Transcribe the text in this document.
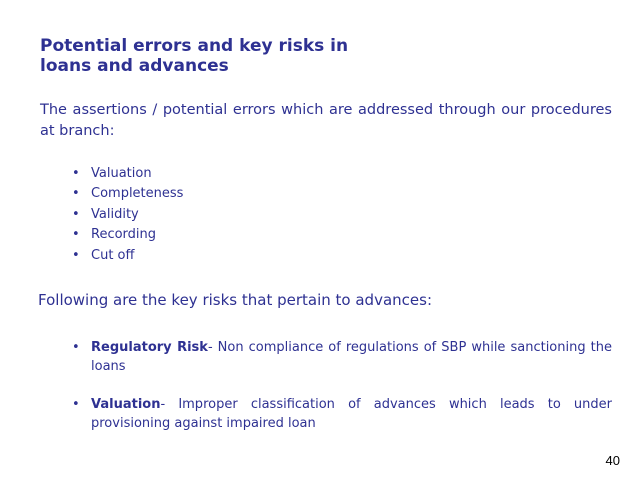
Potential errors and key risks in
loans and advances
The assertions / potential errors which are addressed through our procedures at branch:
• Valuation
• Completeness
• Validity
• Recording
• Cut off
Following are the key risks that pertain to advances:
• Regulatory Risk- Non compliance of regulations of SBP while sanctioning the loans
• Valuation- Improper classification of advances which leads to under provisioning against impaired loan
40
